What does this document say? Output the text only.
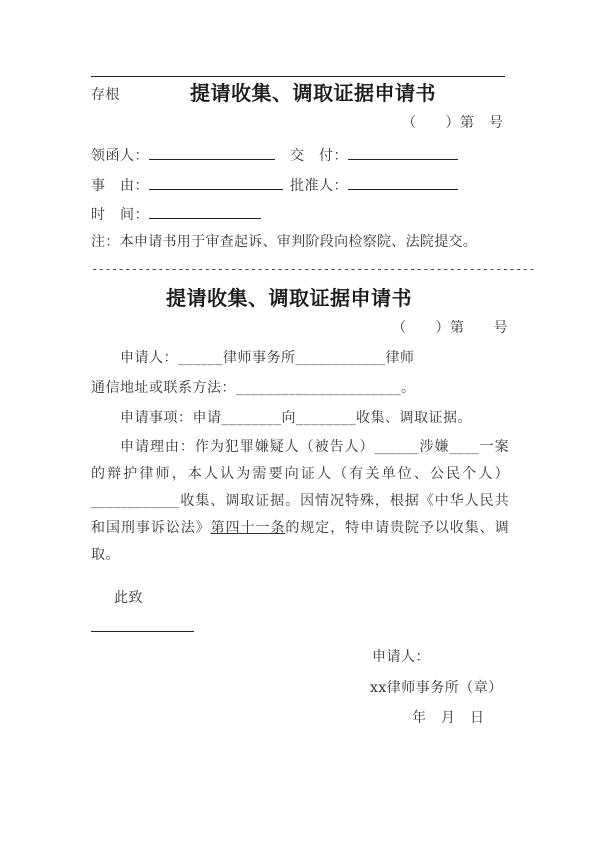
存根	提请收集、调取证据申请书
（　　）第　号
领函人：	交　付：
事　由：	批准人：
时　间：
注：本申请书用于审查起诉、审判阶段向检察院、法院提交。
-------------------------------------------------------------------
提请收集、调取证据申请书
（　　）第　　号
申请人：______律师事务所____________律师
通信地址或联系方法：______________________。
申请事项：申请________向________收集、调取证据。
申请理由：作为犯罪嫌疑人（被告人）______涉嫌____一案的辩护律师，本人认为需要向证人（有关单位、公民个人）____________收集、调取证据。因情况特殊，根据《中华人民共和国刑事诉讼法》第四十一条的规定，特申请贵院予以收集、调取。
此致
申请人：
xx律师事务所（章）
年　月　日
